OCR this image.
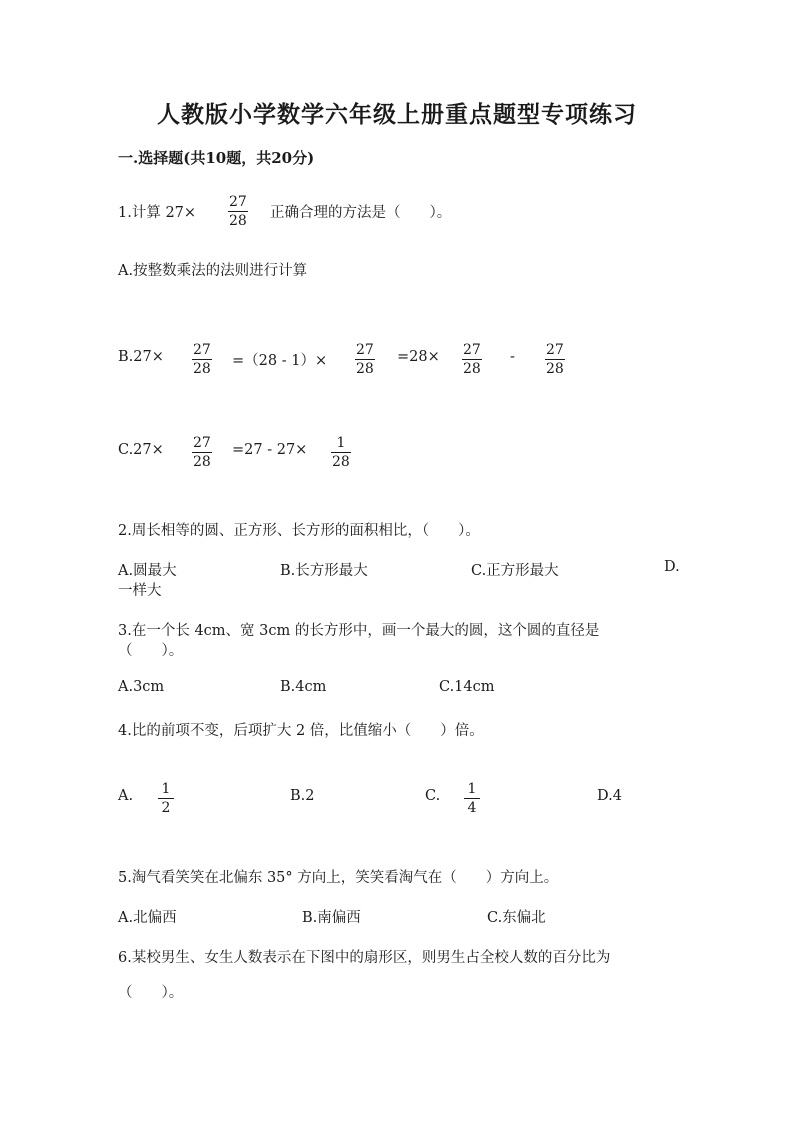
人教版小学数学六年级上册重点题型专项练习
一.选择题(共10题，共20分)
1.计算 27×
27
28 正确合理的方法是（　　）。
A.按整数乘法的法则进行计算
B.27× 27
28 =（28 - 1）×
27
28
=28× 27
28
- 27
28
C.27× 27
28
=27 - 27× 1
28
2.周长相等的圆、正方形、长方形的面积相比，（　　）。
A.圆最大	B.长方形最大	C.正方形最大	D.
一样大
3.在一个长 4cm、宽 3cm 的长方形中，画一个最大的圆，这个圆的直径是
（　　）。
A.3cm	B.4cm	C.14cm
4.比的前项不变，后项扩大 2 倍，比值缩小（　　）倍。
A. 1
2
B.2	C. 1
4
D.4
5.淘气看笑笑在北偏东 35° 方向上，笑笑看淘气在（　　）方向上。
A.北偏西	B.南偏西	C.东偏北
6.某校男生、女生人数表示在下图中的扇形区，则男生占全校人数的百分比为
（　　）。
